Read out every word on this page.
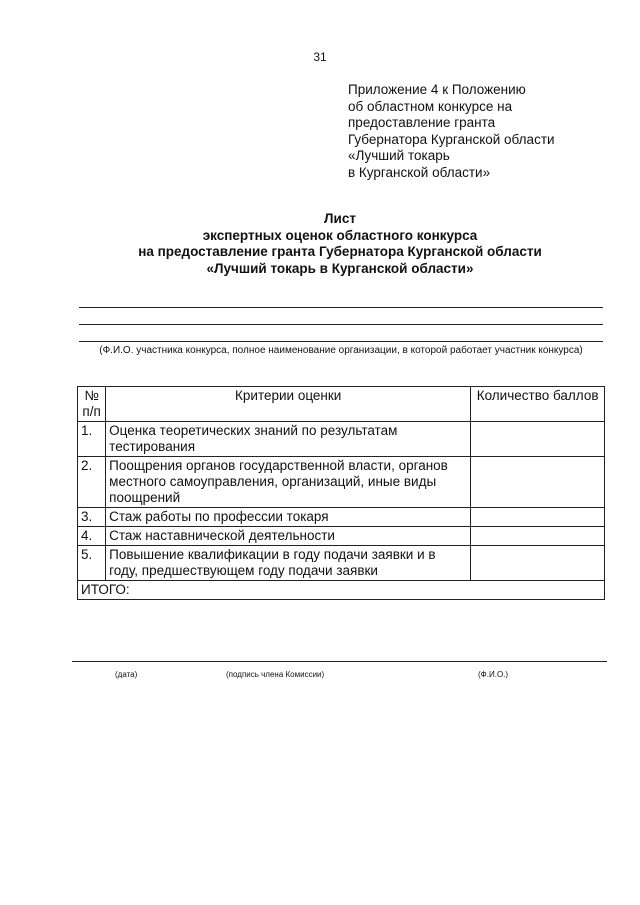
31
Приложение 4 к Положению
об областном конкурсе на
предоставление гранта
Губернатора Курганской области
«Лучший токарь
в Курганской области»
Лист
экспертных оценок областного конкурса
на предоставление гранта Губернатора Курганской области
«Лучший токарь в Курганской области»
(Ф.И.О. участника конкурса, полное наименование организации, в которой работает участник конкурса)
№ п/п	Критерии оценки	Количество баллов
1.	Оценка теоретических знаний по результатам тестирования	
2.	Поощрения органов государственной власти, органов местного самоуправления, организаций, иные виды поощрений	
3.	Стаж работы по профессии токаря	
4.	Стаж наставнической деятельности	
5.	Повышение квалификации в году подачи заявки и в году, предшествующем году подачи заявки	
ИТОГО:		
(дата)	(подпись члена Комиссии)	(Ф.И.О.)
